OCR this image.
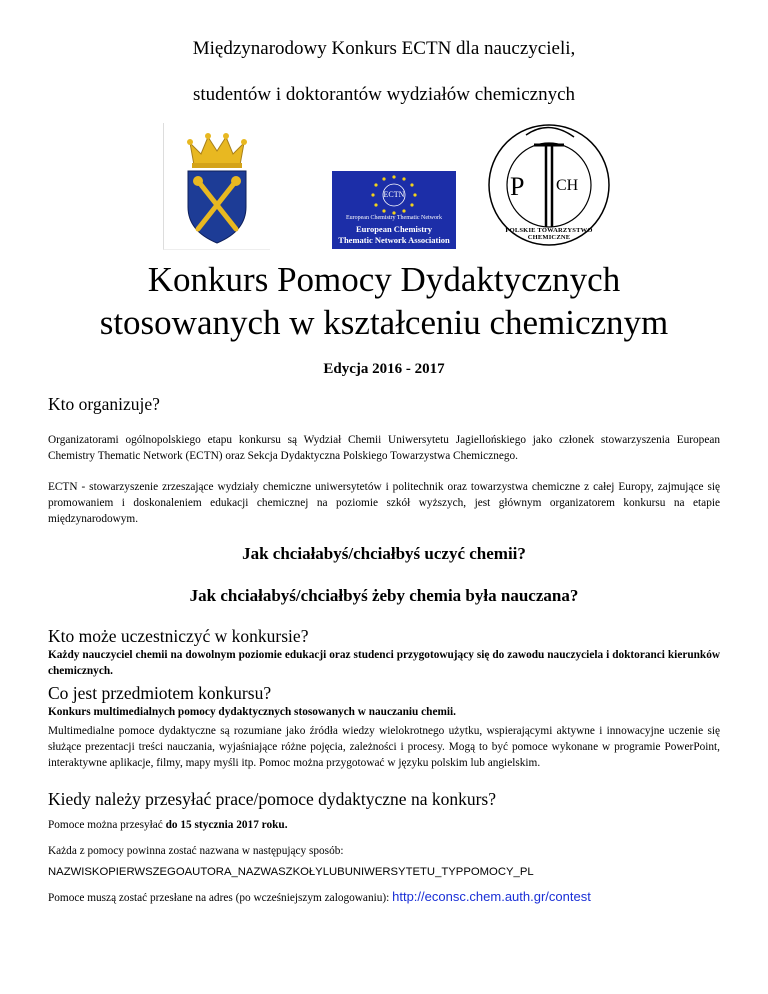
Międzynarodowy Konkurs ECTN dla nauczycieli,
studentów i doktorantów wydziałów chemicznych
ECTN
European Chemistry Thematic Network
European Chemistry
Thematic Network Association
P CH
POLSKIE TOWARZYSTWO CHEMICZNE
Konkurs Pomocy Dydaktycznych
stosowanych w kształceniu chemicznym
Edycja 2016 - 2017
Kto organizuje?
Organizatorami ogólnopolskiego etapu konkursu są Wydział Chemii Uniwersytetu Jagiellońskiego jako członek stowarzyszenia European Chemistry Thematic Network (ECTN) oraz Sekcja Dydaktyczna Polskiego Towarzystwa Chemicznego.
ECTN - stowarzyszenie zrzeszające wydziały chemiczne uniwersytetów i politechnik oraz towarzystwa chemiczne z całej Europy, zajmujące się promowaniem i doskonaleniem edukacji chemicznej na poziomie szkół wyższych, jest głównym organizatorem konkursu na etapie międzynarodowym.
Jak chciałabyś/chciałbyś uczyć chemii?
Jak chciałabyś/chciałbyś żeby chemia była nauczana?
Kto może uczestniczyć w konkursie?
Każdy nauczyciel chemii na dowolnym poziomie edukacji oraz studenci przygotowujący się do zawodu nauczyciela i doktoranci kierunków chemicznych.
Co jest przedmiotem konkursu?
Konkurs multimedialnych pomocy dydaktycznych stosowanych w nauczaniu chemii.
Multimedialne pomoce dydaktyczne są rozumiane jako źródła wiedzy wielokrotnego użytku, wspierającymi aktywne i innowacyjne uczenie się służące prezentacji treści nauczania, wyjaśniające różne pojęcia, zależności i procesy. Mogą to być pomoce wykonane w programie PowerPoint, interaktywne aplikacje, filmy, mapy myśli itp. Pomoc można przygotować w języku polskim lub angielskim.
Kiedy należy przesyłać prace/pomoce dydaktyczne na konkurs?
Pomoce można przesyłać do 15 stycznia 2017 roku.
Każda z pomocy powinna zostać nazwana w następujący sposób:
NAZWISKOPIERWSZEGOAUTORA_NAZWASZKOŁYLUBUNIWERSYTETU_TYPPOMOCY_PL
Pomoce muszą zostać przesłane na adres (po wcześniejszym zalogowaniu): http://econsc.chem.auth.gr/contest
